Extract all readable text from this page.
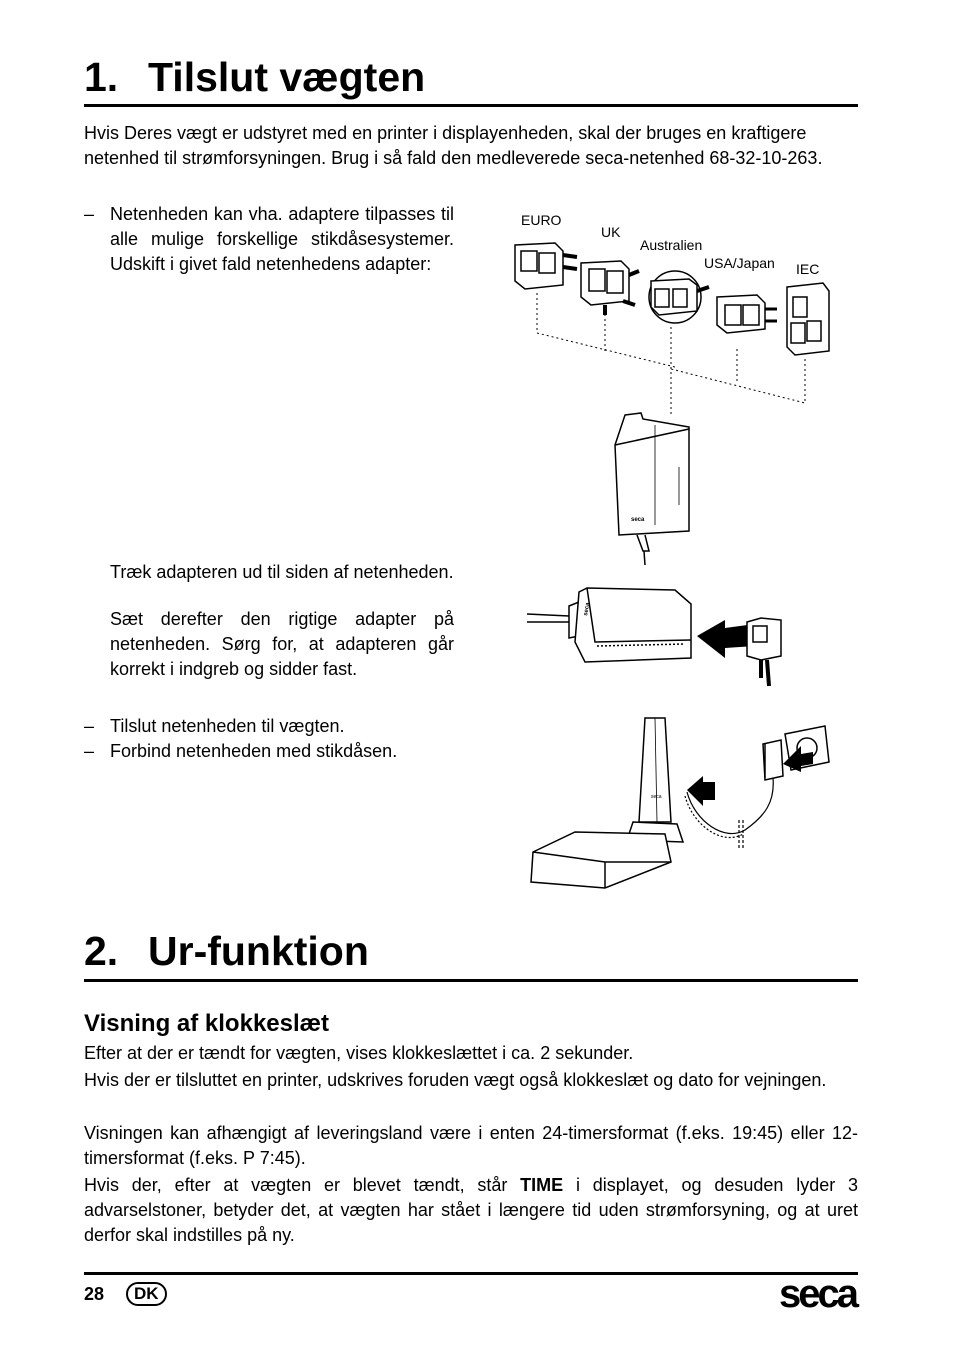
1. Tilslut vægten
Hvis Deres vægt er udstyret med en printer i displayenheden, skal der bruges en kraftigere netenhed til strømforsyningen. Brug i så fald den medleverede seca-netenhed 68-32-10-263.
– Netenheden kan vha. adaptere tilpasses til alle mulige forskellige stikdåsesystemer. Udskift i givet fald netenhedens adapter:
Træk adapteren ud til siden af netenheden.
Sæt derefter den rigtige adapter på netenheden. Sørg for, at adapteren går korrekt i indgreb og sidder fast.
– Tilslut netenheden til vægten.
– Forbind netenheden med stikdåsen.
EURO
UK
Australien
USA/Japan IEC
seca
seca
seca
2. Ur-funktion
Visning af klokkeslæt
Efter at der er tændt for vægten, vises klokkeslættet i ca. 2 sekunder.
Hvis der er tilsluttet en printer, udskrives foruden vægt også klokkeslæt og dato for vejningen.
Visningen kan afhængigt af leveringsland være i enten 24-timersformat (f.eks. 19:45) eller 12-timersformat (f.eks. P 7:45).
Hvis der, efter at vægten er blevet tændt, står TIME i displayet, og desuden lyder 3 advarselstoner, betyder det, at vægten har stået i længere tid uden strømforsyning, og at uret derfor skal indstilles på ny.
28	DK	seca
